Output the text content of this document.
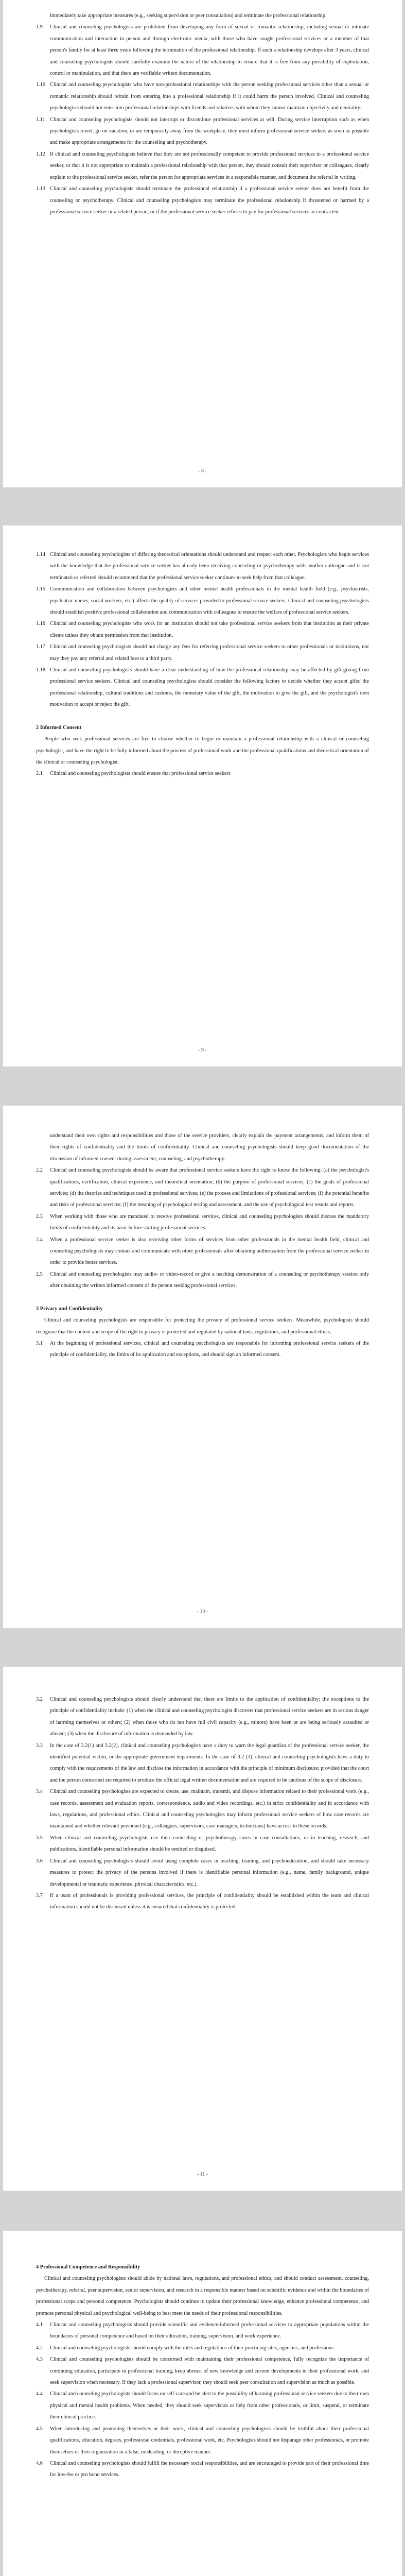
immediately take appropriate measures (e.g., seeking supervision or peer consultation) and terminate the professional relationship.

1.9	Clinical and counseling psychologists are prohibited from developing any form of sexual or romantic relationship, including sexual or intimate communication and interaction in person and through electronic media, with those who have sought professional services or a member of that person's family for at least three years following the termination of the professional relationship. If such a relationship develops after 3 years, clinical and counseling psychologists should carefully examine the nature of the relationship to ensure that it is free from any possibility of exploitation, control or manipulation, and that there are verifiable written documentation.
1.10 Clinical and counseling psychologists who have non-professional relationships with the person seeking professional services other than a sexual or romantic relationship should refrain from entering into a professional relationship if it could harm the person involved. Clinical and counseling psychologists should not enter into professional relationships with friends and relatives with whom they cannot maintain objectivity and neutrality.
1.11 Clinical and counseling psychologists should not interrupt or discontinue professional services at will. During service interruption such as when psychologists travel, go on vacation, or are temporarily away from the workplace, they must inform professional service seekers as soon as possible and make appropriate arrangements for the counseling and psychotherapy.
1.12 If clinical and counseling psychologists believe that they are not professionally competent to provide professional services to a professional service seeker, or that it is not appropriate to maintain a professional relationship with that person, they should consult their supervisor or colleagues, clearly explain to the professional service seeker, refer the person for appropriate services in a responsible manner, and document the referral in writing.
1.13 Clinical and counseling psychologists should terminate the professional relationship if a professional service seeker does not benefit from the counseling or psychotherapy. Clinical and counseling psychologists may terminate the professional relationship if threatened or harmed by a professional service seeker or a related person, or if the professional service seeker refuses to pay for professional services as contracted.
- 8 -
1.14 Clinical and counseling psychologists of differing theoretical orientations should understand and respect each other. Psychologists who begin services with the knowledge that the professional service seeker has already been receiving counseling or psychotherapy with another colleague and is not terminated or referred should recommend that the professional service seeker continues to seek help from that colleague.
1.15 Communication and collaboration between psychologists and other mental health professionals in the mental health field (e.g., psychiatrists, psychiatric nurses, social workers, etc.) affects the quality of services provided to professional service seekers. Clinical and counseling psychologists should establish positive professional collaboration and communication with colleagues to ensure the welfare of professional service seekers.
1.16 Clinical and counseling psychologists who work for an institution should not take professional service seekers from that institution as their private clients unless they obtain permission from that institution.
1.17 Clinical and counseling psychologists should not charge any fees for referring professional service seekers to other professionals or institutions, nor may they pay any referral and related fees to a third party.
1.18 Clinical and counseling psychologists should have a clear understanding of how the professional relationship may be affected by gift-giving from professional service seekers. Clinical and counseling psychologists should consider the following factors to decide whether they accept gifts: the professional relationship, cultural traditions and customs, the monetary value of the gift, the motivation to give the gift, and the psychologist's own motivation to accept or reject the gift.

2 Informed Consent

People who seek professional services are free to choose whether to begin or maintain a professional relationship with a clinical or counseling psychologist, and have the right to be fully informed about the process of professional work and the professional qualifications and theoretical orientation of the clinical or counseling psychologist.

2.1	Clinical and counseling psychologists should ensure that professional service seekers
- 9 -

understand their own rights and responsibilities and those of the service providers, clearly explain the payment arrangements, and inform them of their rights of confidentiality and the limits of confidentiality. Clinical and counseling psychologists should keep good documentation of the discussion of informed consent during assessment, counseling, and psychotherapy.

2.2	Clinical and counseling psychologists should be aware that professional service seekers have the right to know the following: (a) the psychologist's qualifications, certification, clinical experience, and theoretical orientation; (b) the purpose of professional services; (c) the goals of professional services; (d) the theories and techniques used in professional services; (e) the process and limitations of professional services; (f) the potential benefits and risks of professional services; (f) the meaning of psychological testing and assessment, and the use of psychological test results and reports.
2.3	When working with those who are mandated to receive professional services, clinical and counseling psychologists should discuss the mandatory limits of confidentiality and its basis before starting professional services.
2.4	When a professional service seeker is also receiving other forms of services from other professionals in the mental health field, clinical and counseling psychologists may contact and communicate with other professionals after obtaining authorization from the professional service seeker in order to provide better services.
2.5	Clinical and counseling psychologists may audio- or video-record or give a teaching demonstration of a counseling or psychotherapy session only after obtaining the written informed consent of the person seeking professional services.

3 Privacy and Confidentiality

Clinical and counseling psychologists are responsible for protecting the privacy of professional service seekers. Meanwhile, psychologists should recognize that the content and scope of the right to privacy is protected and regulated by national laws, regulations, and professional ethics.

3.1	At the beginning of professional services, clinical and counseling psychologists are responsible for informing professional service seekers of the principle of confidentiality, the limits of its application and exceptions, and should sign an informed consent.
- 10 -
3.2	Clinical and counseling psychologists should clearly understand that there are limits to the application of confidentiality; the exceptions to the principle of confidentiality include: (1) when the clinical and counseling psychologist discovers that professional service seekers are in serious danger of harming themselves or others; (2) when those who do not have full civil capacity (e.g., minors) have been or are being seriously assaulted or abused; (3) when the disclosure of information is demanded by law.
3.3	In the case of 3.2(1) and 3.2(2), clinical and counseling psychologists have a duty to warn the legal guardian of the professional service seeker, the identified potential victim, or the appropriate government departments. In the case of 3.2 (3), clinical and counseling psychologists have a duty to comply with the requirements of the law and disclose the information in accordance with the principle of minimum disclosure; provided that the court and the person concerned are required to produce the official legal written documentation and are required to be cautious of the scope of disclosure.
3.4	Clinical and counseling psychologists are expected to create, use, maintain, transmit, and dispose information related to their professional work (e.g., case records, assessment and evaluation reports, correspondence, audio and video recordings, etc.) in strict confidentiality and in accordance with laws, regulations, and professional ethics. Clinical and counseling psychologists may inform professional service seekers of how case records are maintained and whether relevant personnel (e.g., colleagues, supervisors, case managers, technicians) have access to these records.
3.5	When clinical and counseling psychologists use their counseling or psychotherapy cases in case consultations, or in teaching, research, and publications, identifiable personal information should be omitted or disguised.
3.6	Clinical and counseling psychologists should avoid using complete cases in teaching, training, and psychoeducation, and should take necessary measures to protect the privacy of the persons involved if there is identifiable personal information (e.g., name, family background, unique developmental or traumatic experience, physical characteristics, etc.).
3.7	If a team of professionals is providing professional services, the principle of confidentiality should be established within the team and clinical information should not be discussed unless it is ensured that confidentiality is protected.
- 11 -

4 Professional Competence and Responsibility

Clinical and counseling psychologists should abide by national laws, regulations, and professional ethics, and should conduct assessment, counseling, psychotherapy, referral, peer supervision, senior supervision, and research in a responsible manner based on scientific evidence and within the boundaries of professional scope and personal competence. Psychologists should continue to update their professional knowledge, enhance professional competence, and promote personal physical and psychological well-being to best meet the needs of their professional responsibilities.

4.1	Clinical and counseling psychologists should provide scientific and evidence-informed professional services to appropriate populations within the boundaries of personal competence and based on their education, training, supervision, and work experience.
4.2	Clinical and counseling psychologists should comply with the rules and regulations of their practicing sites, agencies, and professions.
4.3	Clinical and counseling psychologists should be concerned with maintaining their professional competence, fully recognize the importance of continuing education, participate in professional training, keep abreast of new knowledge and current developments in their professional work, and seek supervision when necessary. If they lack a professional supervisor, they should seek peer consultation and supervision as much as possible.
4.4	Clinical and counseling psychologists should focus on self-care and be alert to the possibility of harming professional service seekers due to their own physical and mental health problems. When needed, they should seek supervision or help from other professionals, or limit, suspend, or terminate their clinical practice.
4.5	When introducing and promoting themselves or their work, clinical and counseling psychologists should be truthful about their professional qualifications, education, degrees, professional credentials, professional work, etc. Psychologists should not disparage other professionals, or promote themselves or their organization in a false, misleading, or deceptive manner.
4.6	Clinical and counseling psychologists should fulfill the necessary social responsibilities, and are encouraged to provide part of their professional time for low-fee or pro bono services.
